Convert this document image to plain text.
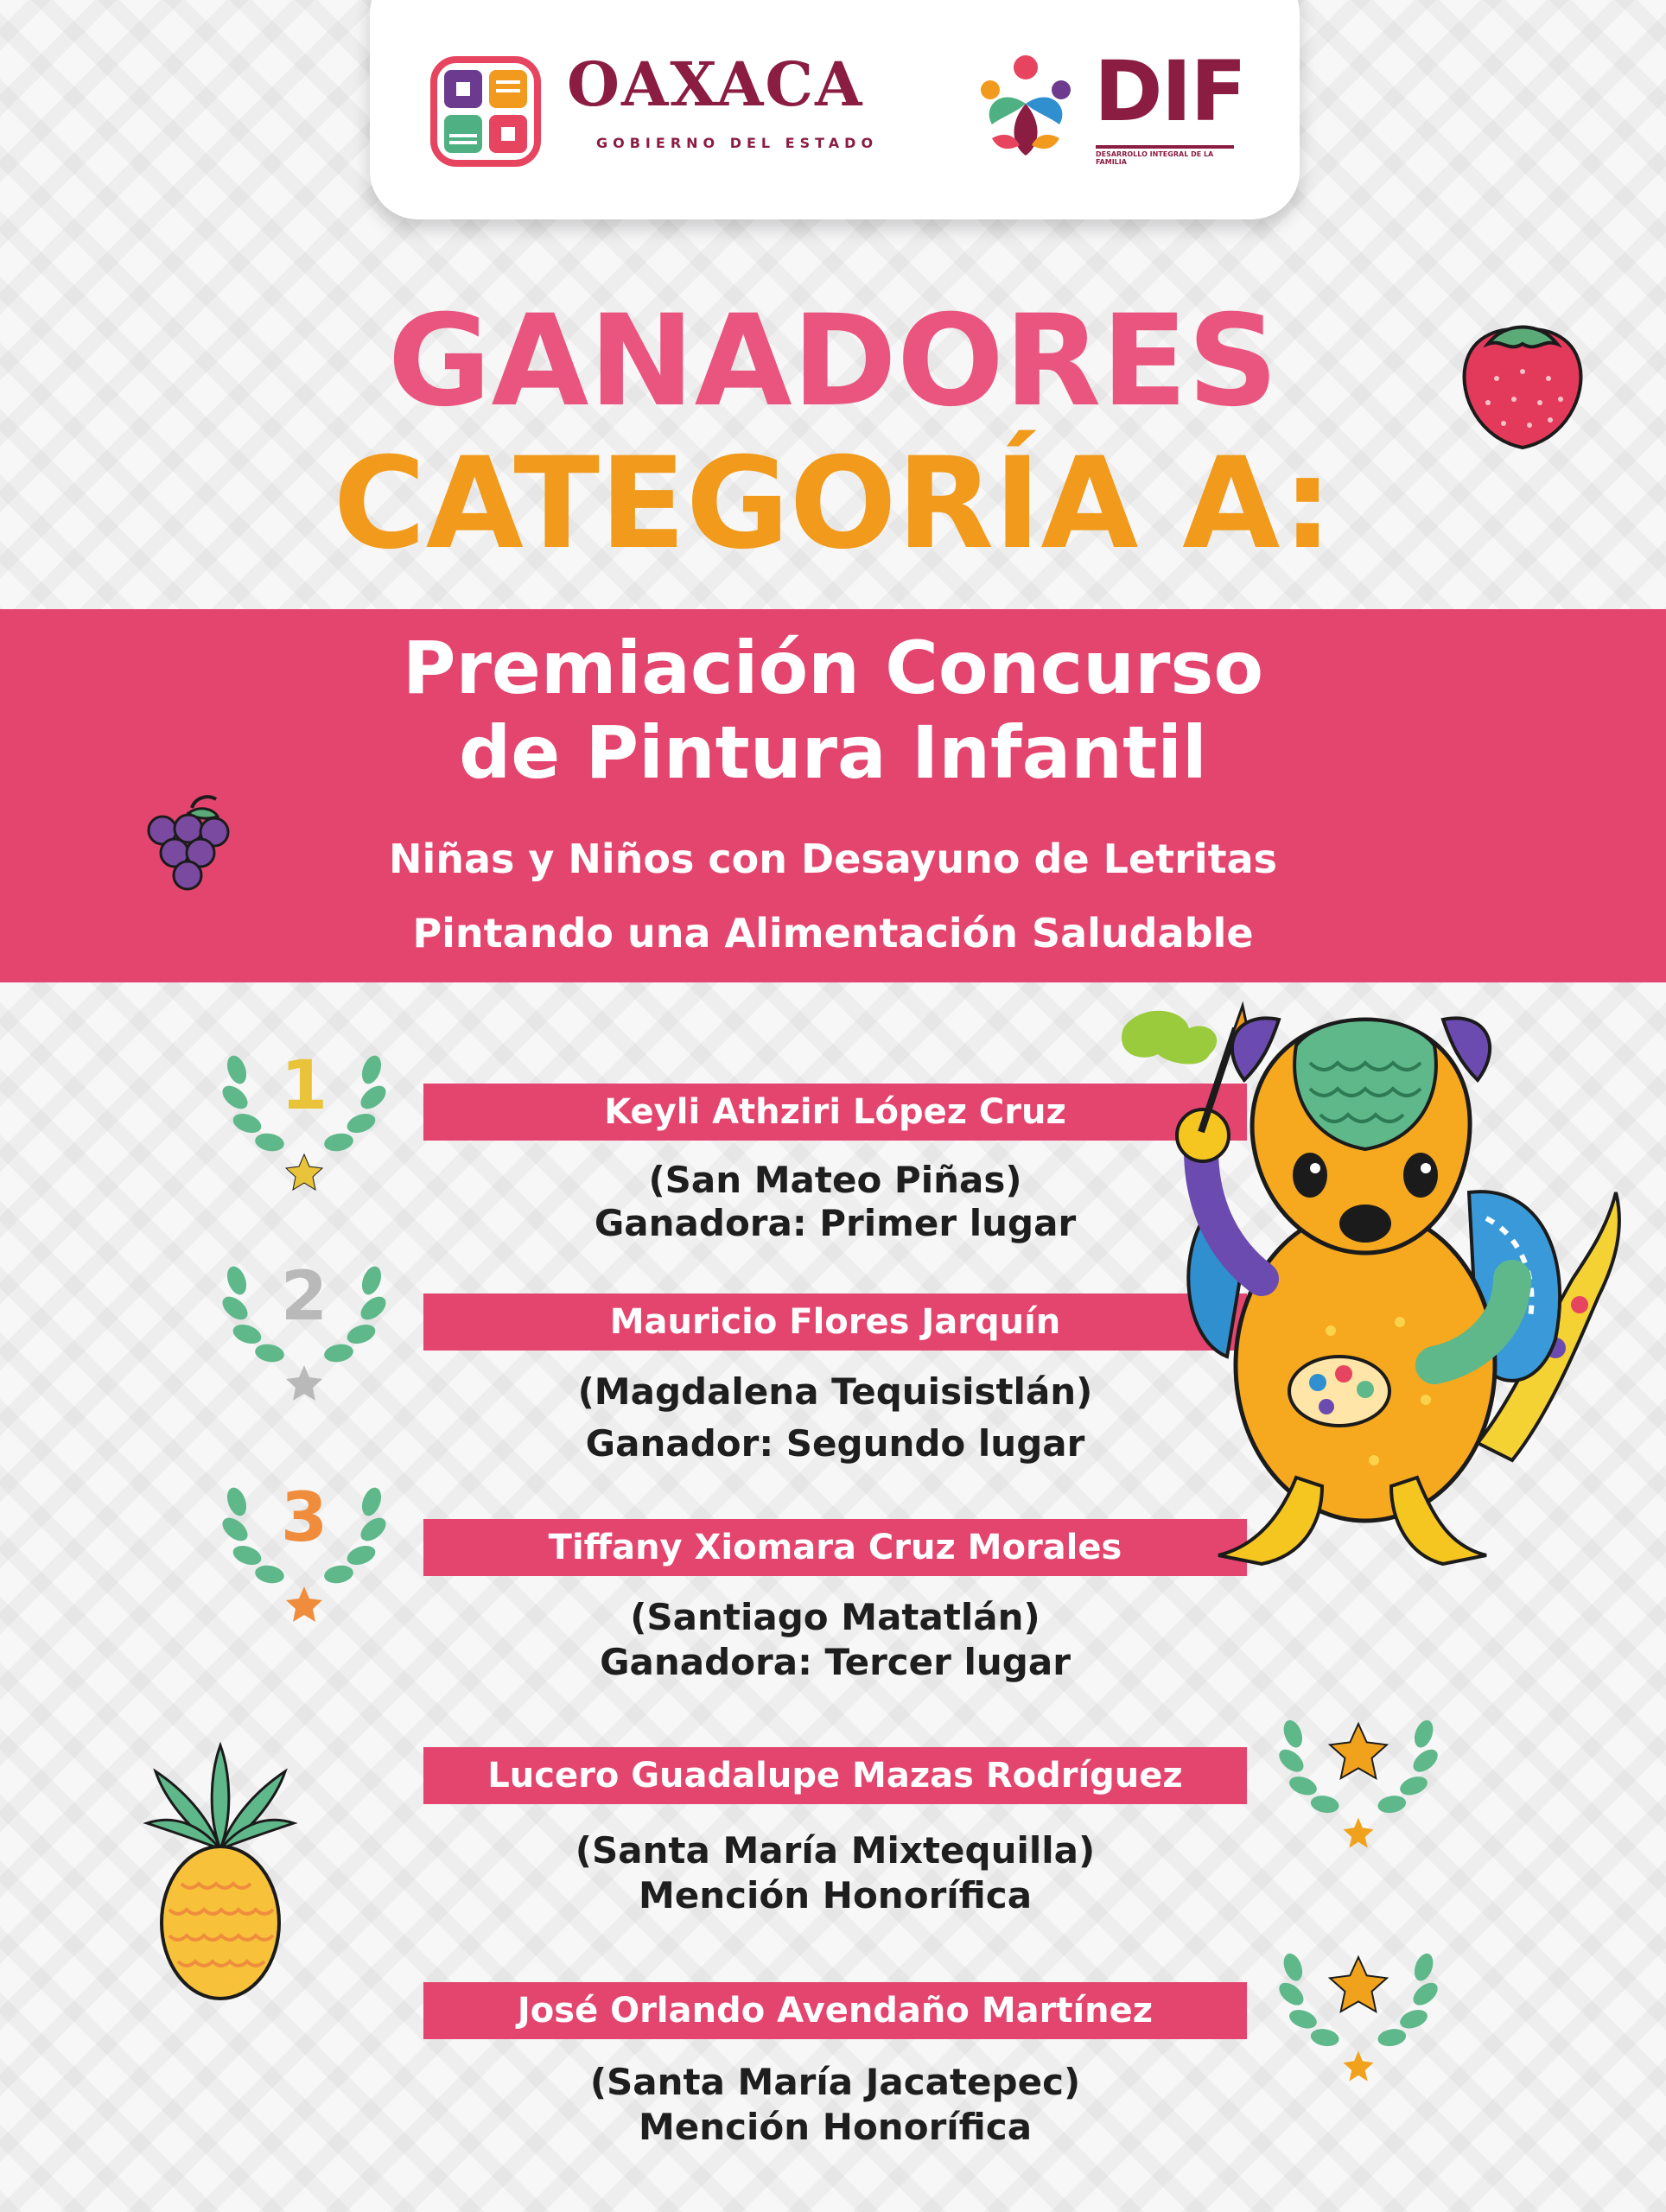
OAXACA
GOBIERNO DEL ESTADO
DIF
DESARROLLO INTEGRAL DE LA FAMILIA
GANADORES
CATEGORÍA A:
Premiación Concurso
de Pintura Infantil
Niñas y Niños con Desayuno de Letritas
Pintando una Alimentación Saludable
1
2
3
Keyli Athziri López Cruz
(San Mateo Piñas)
Ganadora: Primer lugar
Mauricio Flores Jarquín
(Magdalena Tequisistlán)
Ganador: Segundo lugar
Tiffany Xiomara Cruz Morales
(Santiago Matatlán)
Ganadora: Tercer lugar
Lucero Guadalupe Mazas Rodríguez
(Santa María Mixtequilla)
Mención Honorífica
José Orlando Avendaño Martínez
(Santa María Jacatepec)
Mención Honorífica
